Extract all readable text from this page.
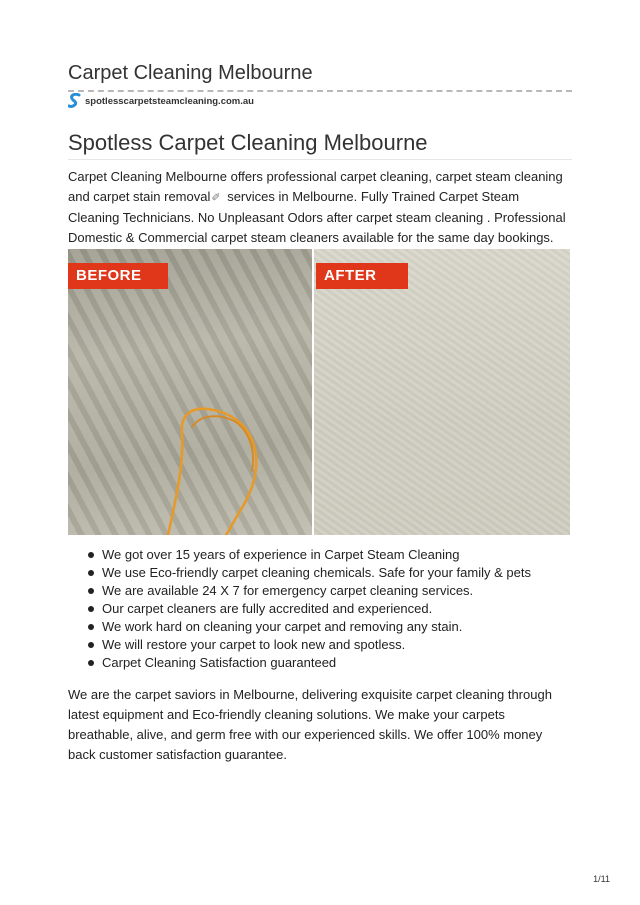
Carpet Cleaning Melbourne
spotlesscarpetsteamcleaning.com.au
Spotless Carpet Cleaning Melbourne

Carpet Cleaning Melbourne offers professional carpet cleaning, carpet steam cleaning and carpet stain removal✐ services in Melbourne. Fully Trained Carpet Steam Cleaning Technicians. No Unpleasant Odors after carpet steam cleaning . Professional Domestic & Commercial carpet steam cleaners available for the same day bookings.

BEFORE	AFTER
We got over 15 years of experience in Carpet Steam Cleaning
We use Eco-friendly carpet cleaning chemicals. Safe for your family & pets
We are available 24 X 7 for emergency carpet cleaning services.
Our carpet cleaners are fully accredited and experienced.
We work hard on cleaning your carpet and removing any stain.
We will restore your carpet to look new and spotless.
Carpet Cleaning Satisfaction guaranteed

We are the carpet saviors in Melbourne, delivering exquisite carpet cleaning through latest equipment and Eco-friendly cleaning solutions. We make your carpets breathable, alive, and germ free with our experienced skills. We offer 100% money back customer satisfaction guarantee.

1/11
